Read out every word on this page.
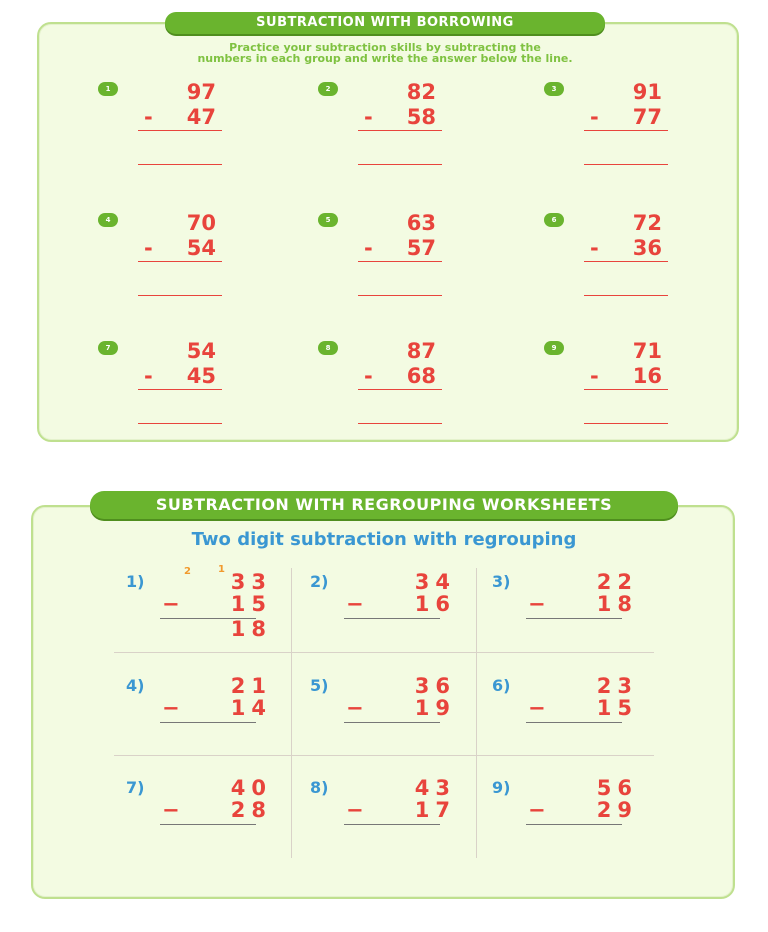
SUBTRACTION WITH BORROWING
Practice your subtraction skills by subtracting the
numbers in each group and write the answer below the line.
1	97
- 47
2	82
- 58
3	91
- 77
4	70
- 54
5	63
- 57
6	72
- 36
7	54
- 45
8	87
- 68
9	71
- 16
SUBTRACTION WITH REGROUPING WORKSHEETS
Two digit subtraction with regrouping
1)
2	1
33
− 15
18
2)	34
− 16
3)	22
− 18
4)	21
− 14
5)	36
− 19
6)	23
− 15
7)	40
− 28
8)	43
− 17
9)	56
− 29
